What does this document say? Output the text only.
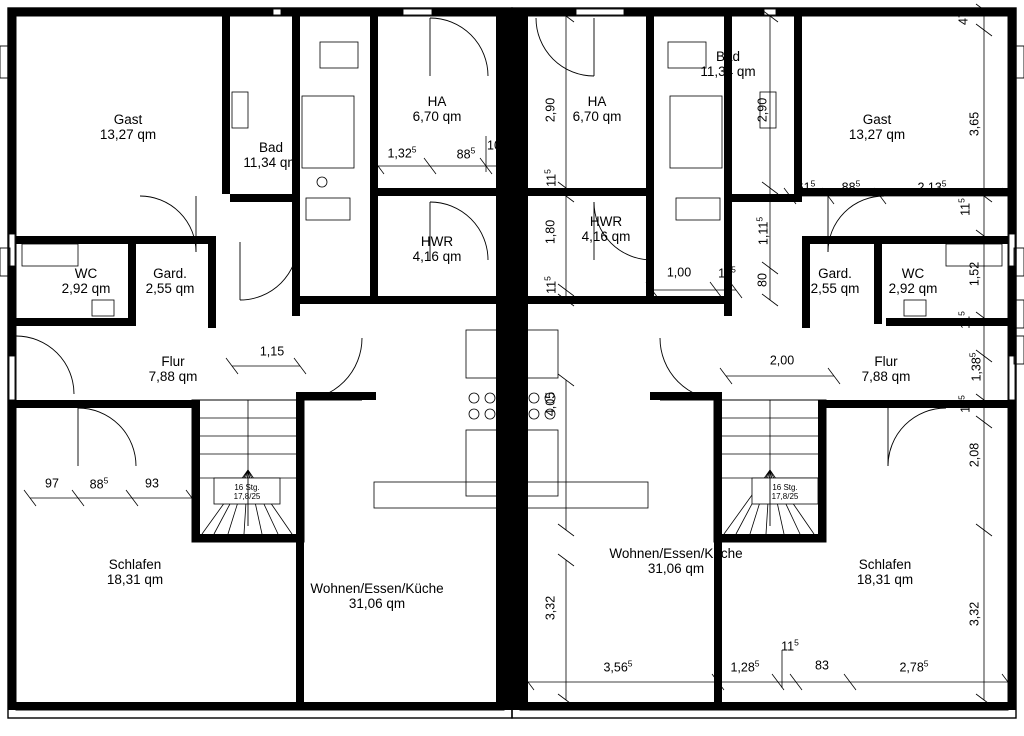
Gast
13,27 qm
Bad
11,34 qm
HA
6,70 qm
WC
2,92 qm
Gard.
2,55 qm
HWR
4,16 qm
Flur
7,88 qm
Schlafen
18,31 qm
Wohnen/Essen/Küche
31,06 qm
HA
6,70 qm
Bad
11,34 qm
Gast
13,27 qm
HWR
4,16 qm
Gard.
2,55 qm
WC
2,92 qm
Flur
7,88 qm
Wohnen/Essen/Küche
31,06 qm	Schlafen
18,31 qm
16 Stg.
17,8/25
16 Stg.
17,8/25
1,32$^5$	$88^5$ 10
1,15
97 $88^5$	93
2,90
$11^5$
1,80
$11^5$	1,00 $11^5$
4,05
2,90
1,11$^5$
80
$61^5$ $88^5$	2,13$^5$
2,00
47
3,65
$11^5$
1,52
$11^5$
1,38$^5$
$11^5$
2,08
3,32
3,32
$11^5$
3,56$^5$	1,28$^5$	83	2,78$^5$
